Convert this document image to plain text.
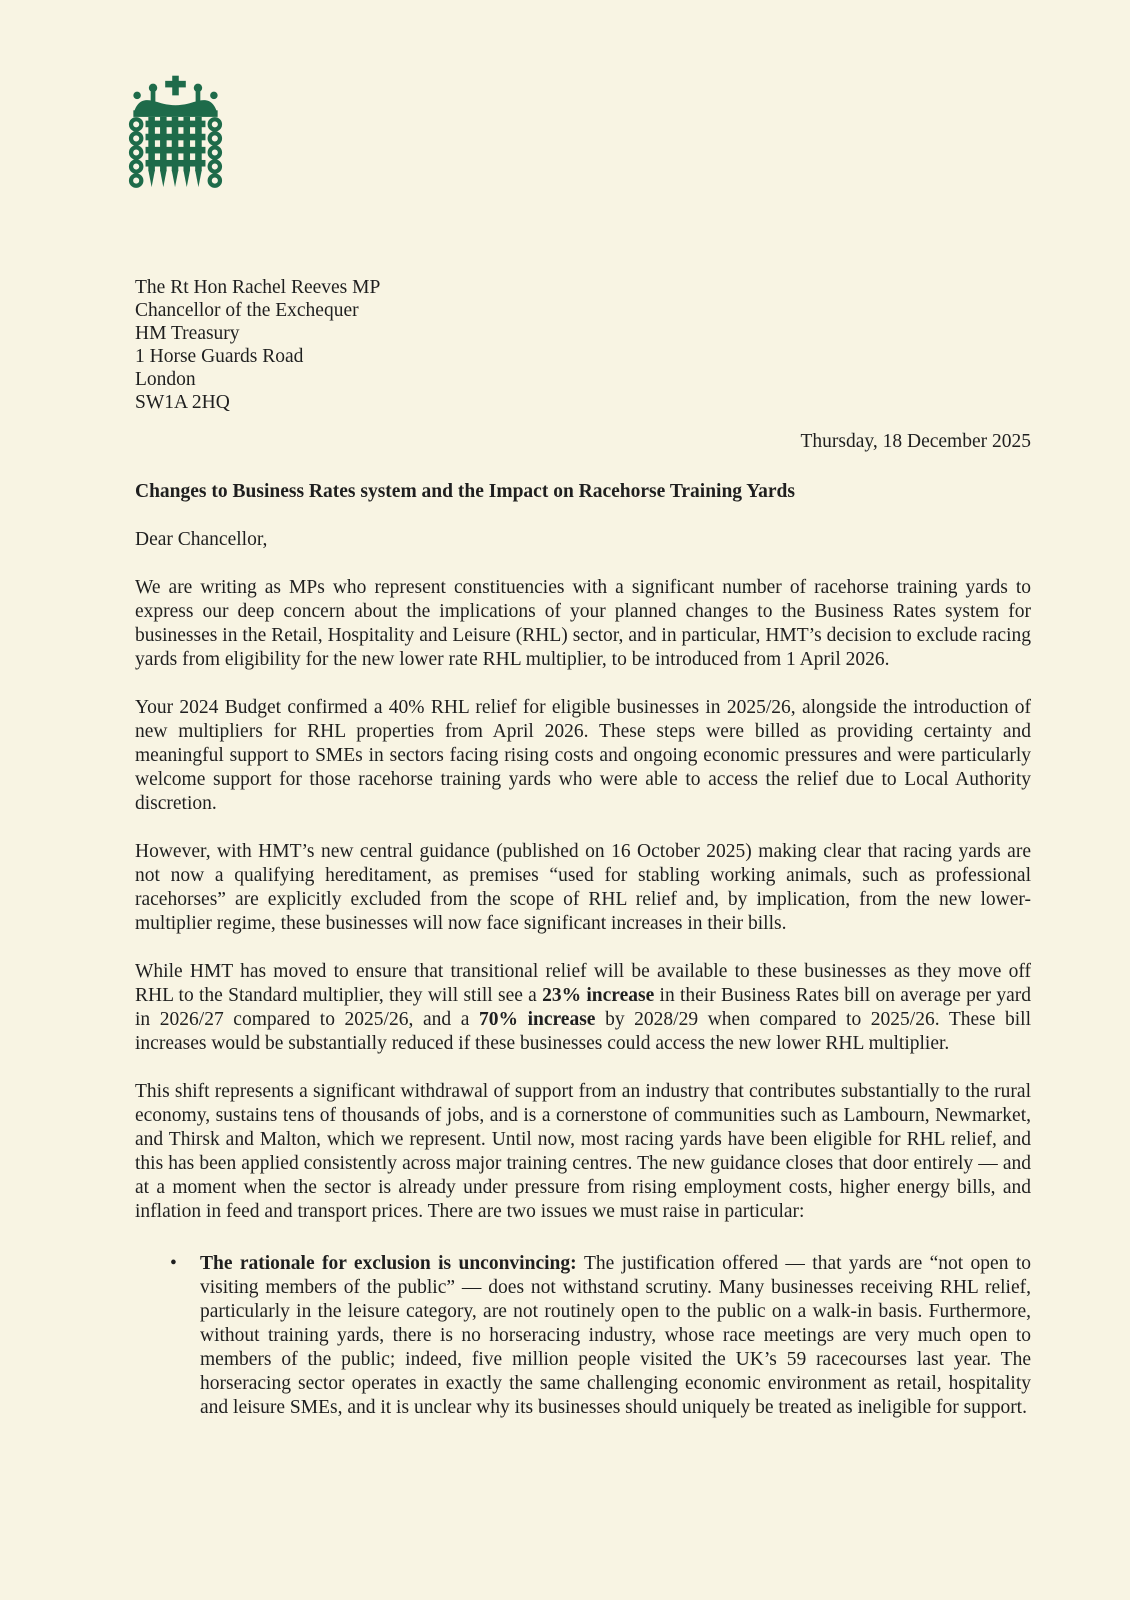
The Rt Hon Rachel Reeves MP
Chancellor of the Exchequer
HM Treasury
1 Horse Guards Road
London
SW1A 2HQ
Thursday, 18 December 2025
Changes to Business Rates system and the Impact on Racehorse Training Yards
Dear Chancellor,

We are writing as MPs who represent constituencies with a significant number of racehorse training yards to express our deep concern about the implications of your planned changes to the Business Rates system for businesses in the Retail, Hospitality and Leisure (RHL) sector, and in particular, HMT’s decision to exclude racing yards from eligibility for the new lower rate RHL multiplier, to be introduced from 1 April 2026.

Your 2024 Budget confirmed a 40% RHL relief for eligible businesses in 2025/26, alongside the introduction of new multipliers for RHL properties from April 2026. These steps were billed as providing certainty and meaningful support to SMEs in sectors facing rising costs and ongoing economic pressures and were particularly welcome support for those racehorse training yards who were able to access the relief due to Local Authority discretion.

However, with HMT’s new central guidance (published on 16 October 2025) making clear that racing yards are not now a qualifying hereditament, as premises “used for stabling working animals, such as professional racehorses” are explicitly excluded from the scope of RHL relief and, by implication, from the new lower-multiplier regime, these businesses will now face significant increases in their bills.

While HMT has moved to ensure that transitional relief will be available to these businesses as they move off RHL to the Standard multiplier, they will still see a 23% increase in their Business Rates bill on average per yard in 2026/27 compared to 2025/26, and a 70% increase by 2028/29 when compared to 2025/26. These bill increases would be substantially reduced if these businesses could access the new lower RHL multiplier.

This shift represents a significant withdrawal of support from an industry that contributes substantially to the rural economy, sustains tens of thousands of jobs, and is a cornerstone of communities such as Lambourn, Newmarket, and Thirsk and Malton, which we represent. Until now, most racing yards have been eligible for RHL relief, and this has been applied consistently across major training centres. The new guidance closes that door entirely — and at a moment when the sector is already under pressure from rising employment costs, higher energy bills, and inflation in feed and transport prices. There are two issues we must raise in particular:

• The rationale for exclusion is unconvincing: The justification offered — that yards are “not open to visiting members of the public” — does not withstand scrutiny. Many businesses receiving RHL relief, particularly in the leisure category, are not routinely open to the public on a walk-in basis. Furthermore, without training yards, there is no horseracing industry, whose race meetings are very much open to members of the public; indeed, five million people visited the UK’s 59 racecourses last year. The horseracing sector operates in exactly the same challenging economic environment as retail, hospitality and leisure SMEs, and it is unclear why its businesses should uniquely be treated as ineligible for support.
